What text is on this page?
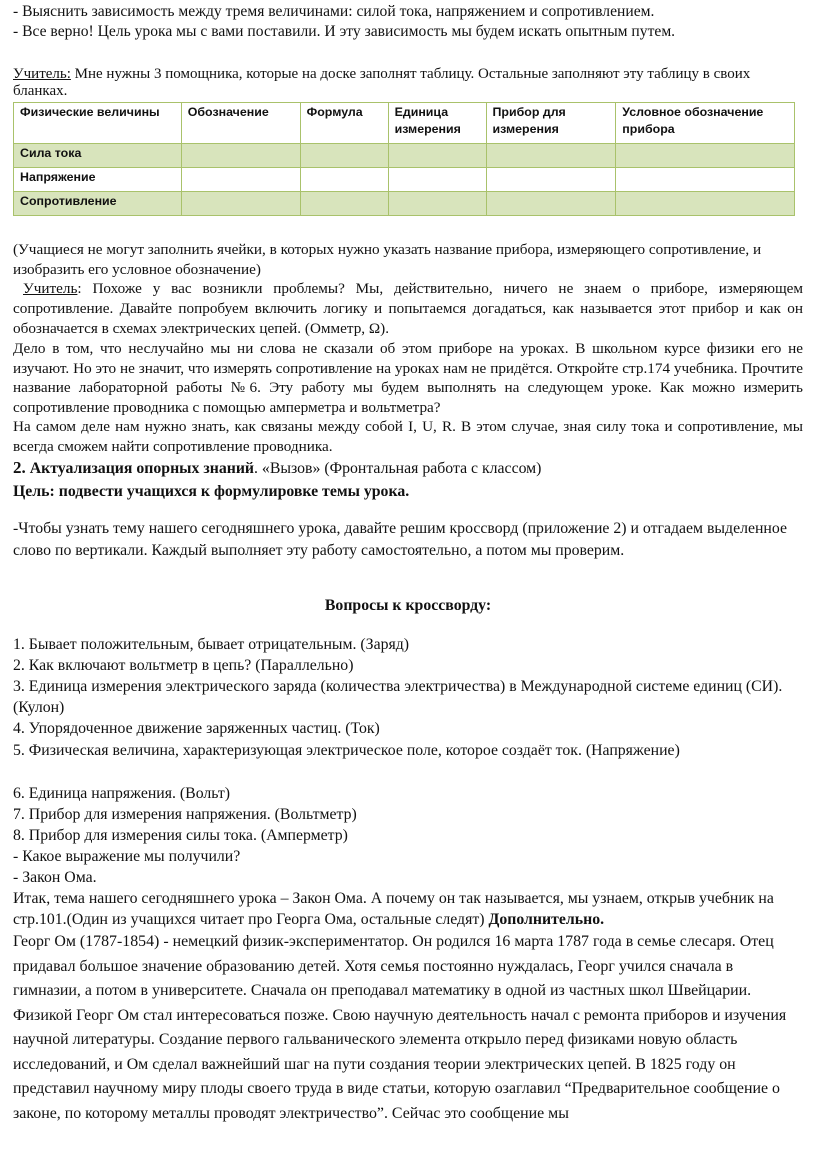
- Выяснить зависимость между тремя величинами: силой тока, напряжением и сопротивлением.

- Все верно! Цель урока мы с вами поставили. И эту зависимость мы будем искать опытным путем.

Учитель: Мне нужны 3 помощника, которые на доске заполнят таблицу. Остальные заполняют эту таблицу в своих бланках.

Физические величины	Обозначение	Формула	Единица измерения	Прибор для измерения	Условное обозначение прибора
Сила тока					
Напряжение					
Сопротивление					

(Учащиеся не могут заполнить ячейки, в которых нужно указать название прибора, измеряющего сопротивление, и изобразить его условное обозначение)

Учитель: Похоже у вас возникли проблемы? Мы, действительно, ничего не знаем о приборе, измеряющем сопротивление. Давайте попробуем включить логику и попытаемся догадаться, как называется этот прибор и как он обозначается в схемах электрических цепей. (Омметр, Ω).

Дело в том, что неслучайно мы ни слова не сказали об этом приборе на уроках. В школьном курсе физики его не изучают. Но это не значит, что измерять сопротивление на уроках нам не придётся. Откройте стр.174 учебника. Прочтите название лабораторной работы №6. Эту работу мы будем выполнять на следующем уроке. Как можно измерить сопротивление проводника с помощью амперметра и вольтметра?

На самом деле нам нужно знать, как связаны между собой I, U, R. В этом случае, зная силу тока и сопротивление, мы всегда сможем найти сопротивление проводника.

2. Актуализация опорных знаний. «Вызов» (Фронтальная работа с классом)
Цель: подвести учащихся к формулировке темы урока.

-Чтобы узнать тему нашего сегодняшнего урока, давайте решим кроссворд (приложение 2) и отгадаем выделенное слово по вертикали. Каждый выполняет эту работу самостоятельно, а потом мы проверим.

Вопросы к кроссворду:
1. Бывает положительным, бывает отрицательным. (Заряд)
2. Как включают вольтметр в цепь? (Параллельно)
3. Единица измерения электрического заряда (количества электричества) в Международной системе единиц (СИ). (Кулон)
4. Упорядоченное движение заряженных частиц. (Ток)
5. Физическая величина, характеризующая электрическое поле, которое создаёт ток. (Напряжение)
6. Единица напряжения. (Вольт)
7. Прибор для измерения напряжения. (Вольтметр)
8. Прибор для измерения силы тока. (Амперметр)
- Какое выражение мы получили?
- Закон Ома.

Итак, тема нашего сегодняшнего урока – Закон Ома. А почему он так называется, мы узнаем, открыв учебник на стр.101.(Один из учащихся читает про Георга Ома, остальные следят) Дополнительно.

Георг Ом (1787-1854) - немецкий физик-экспериментатор. Он родился 16 марта 1787 года в семье слесаря. Отец придавал большое значение образованию детей. Хотя семья постоянно нуждалась, Георг учился сначала в гимназии, а потом в университете. Сначала он преподавал математику в одной из частных школ Швейцарии. Физикой Георг Ом стал интересоваться позже. Свою научную деятельность начал с ремонта приборов и изучения научной литературы. Создание первого гальванического элемента открыло перед физиками новую область исследований, и Ом сделал важнейший шаг на пути создания теории электрических цепей. В 1825 году он представил научному миру плоды своего труда в виде статьи, которую озаглавил “Предварительное сообщение о законе, по которому металлы проводят электричество”. Сейчас это сообщение мы
